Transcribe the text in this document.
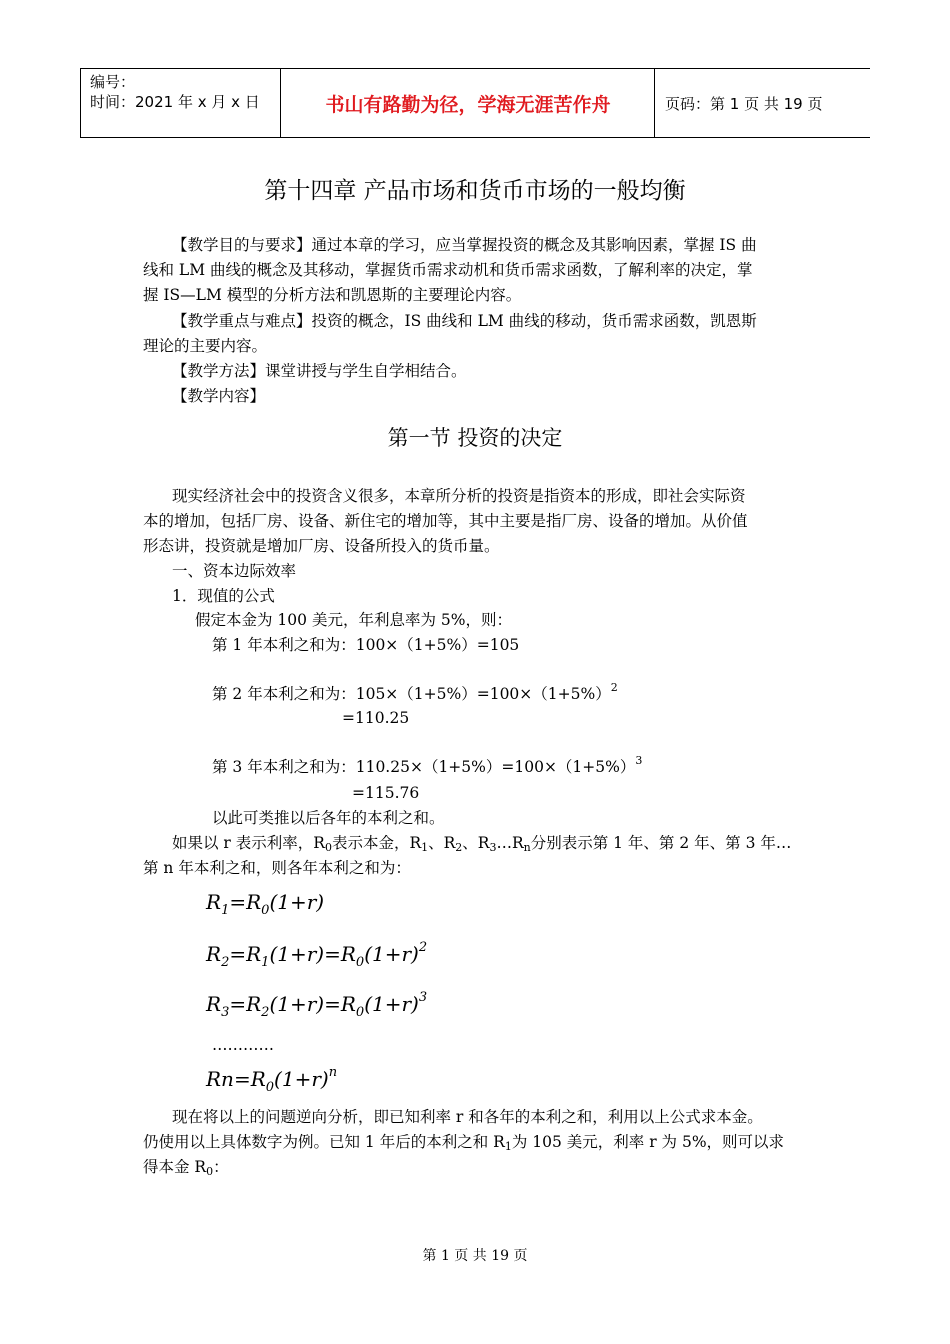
编号：
时间：2021 年 x 月 x 日	书山有路勤为径，学海无涯苦作舟	页码：第 1 页 共 19 页
第十四章 产品市场和货币市场的一般均衡
【教学目的与要求】通过本章的学习，应当掌握投资的概念及其影响因素，掌握 IS 曲
线和 LM 曲线的概念及其移动，掌握货币需求动机和货币需求函数，了解利率的决定，掌
握 IS—LM 模型的分析方法和凯恩斯的主要理论内容。
【教学重点与难点】投资的概念，IS 曲线和 LM 曲线的移动，货币需求函数，凯恩斯
理论的主要内容。
【教学方法】课堂讲授与学生自学相结合。
【教学内容】
第一节 投资的决定
现实经济社会中的投资含义很多，本章所分析的投资是指资本的形成，即社会实际资
本的增加，包括厂房、设备、新住宅的增加等，其中主要是指厂房、设备的增加。从价值
形态讲，投资就是增加厂房、设备所投入的货币量。
一、资本边际效率
1．现值的公式
假定本金为 100 美元，年利息率为 5%，则：
第 1 年本利之和为：100×（1+5%）=105
第 2 年本利之和为：$105\times(1+5\%)=100\times(1+5\%)^2$
=110.25
第 3 年本利之和为：$110.25\times(1+5\%)=100\times(1+5\%)^3$
=115.76
以此可类推以后各年的本利之和。
如果以 r 表示利率，R0表示本金，R1、R2、R3…Rn分别表示第 1 年、第 2 年、第 3 年…
第 n 年本利之和，则各年本利之和为：
$R_1=R_0(1+r)$
$R_2=R_1(1+r)=R_0(1+r)^2$
$R_3=R_2(1+r)=R_0(1+r)^3$
…………
$Rn=R_0(1+r)^n$
现在将以上的问题逆向分析，即已知利率 r 和各年的本利之和，利用以上公式求本金。
仍使用以上具体数字为例。已知 1 年后的本利之和 R1为 105 美元，利率 r 为 5%，则可以求
得本金 R0：
第 1 页 共 19 页
